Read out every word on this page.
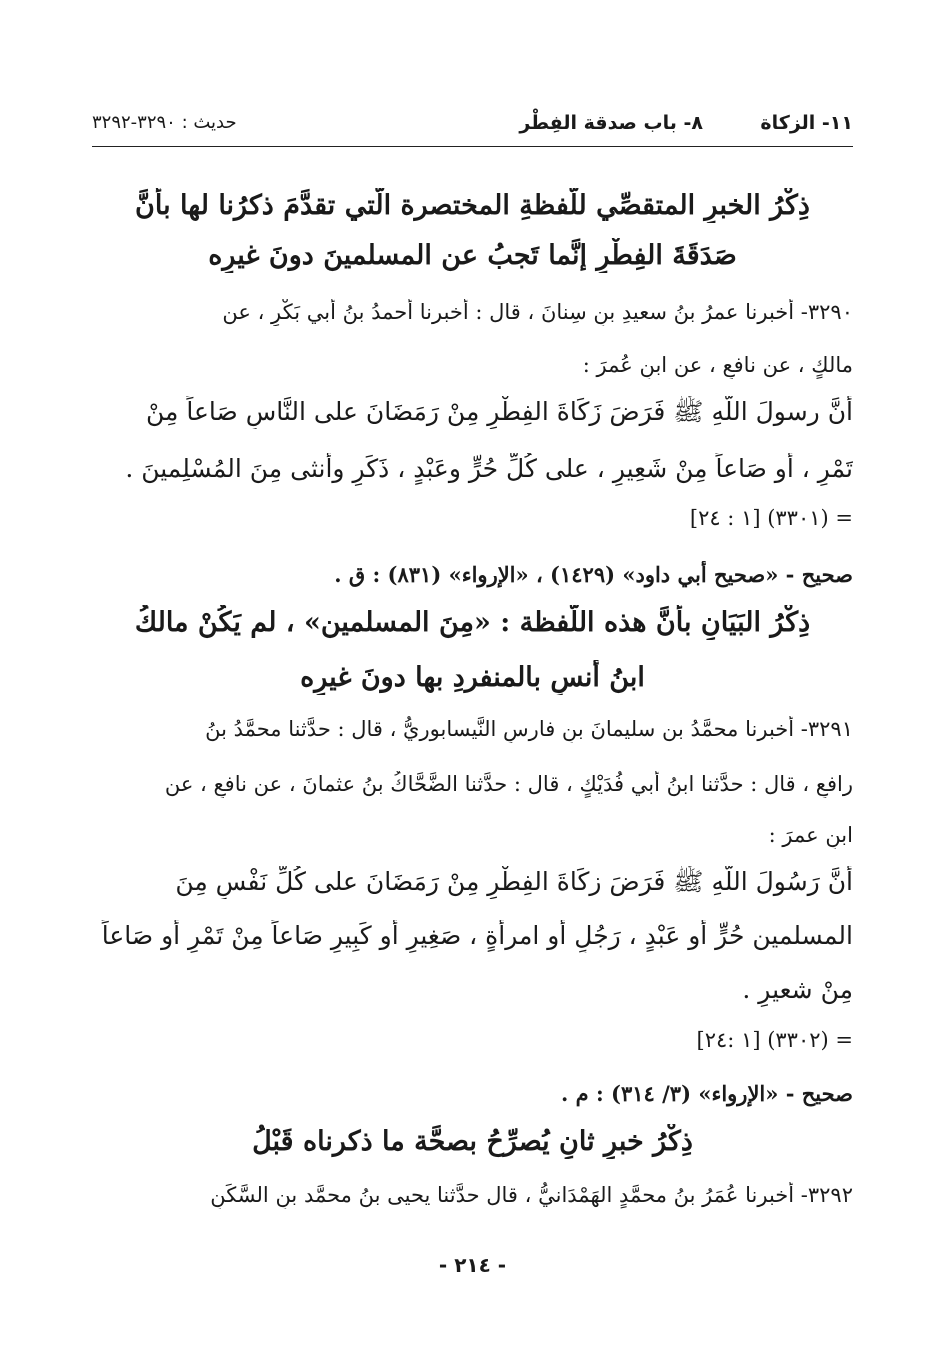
١١- الزكاة
٨- باب صدقة الفِطْر
حديث : ٣٢٩٠-٣٢٩٢
ذِكْرُ الخبرِ المتقصِّي للَّفظةِ المختصرة الَّتي تقدَّمَ ذكرُنا لها بأنَّ
صَدَقَةَ الفِطْرِ إنَّما تَجبُ عن المسلمينَ دونَ غيرِه
٣٢٩٠- أخبرنا عمرُ بنُ سعيدِ بنِ سِنانَ ، قال : أخبرنا أحمدُ بنُ أبي بَكْرٍ ، عن
مالكٍ ، عن نافعٍ ، عن ابنِ عُمرَ :
أنَّ رسولَ اللَّهِ ﷺ فَرَضَ زَكَاةَ الفِطْرِ مِنْ رَمَضَانَ على النَّاسِ صَاعاً مِنْ
تَمْرٍ ، أو صَاعاً مِنْ شَعِيرٍ ، على كُلِّ حُرٍّ وعَبْدٍ ، ذَكَرٍ وأُنثى مِنَ المُسْلِمينَ .
= (٣٣٠١) [١ : ٢٤]
صحيح - «صحيح أبي داود» (١٤٢٩) ، «الإرواء» (٨٣١) : ق .
ذِكْرُ البَيَانِ بأنَّ هذه اللَّفظة : «مِنَ المسلمين» ، لم يَكُنْ مالكُ
ابنُ أنسٍ بالمنفردِ بها دونَ غيرِه
٣٢٩١- أخبرنا محمَّدُ بن سليمانَ بنِ فارسٍ النَّيسابوريُّ ، قال : حدَّثنا محمَّدُ بنُ
رافعٍ ، قال : حدَّثنا ابنُ أبي فُدَيْكٍ ، قال : حدَّثنا الضَّحَّاكُ بنُ عثمانَ ، عن نافعٍ ، عن
ابنِ عمرَ :
أنَّ رَسُولَ اللَّهِ ﷺ فَرَضَ زكَاةَ الفِطْرِ مِنْ رَمَضَانَ على كُلِّ نَفْسٍ مِنَ
المسلمين حُرٍّ أو عَبْدٍ ، رَجُلٍ أو امرأةٍ ، صَغِيرٍ أو كَبِيرٍ صَاعاً مِنْ تَمْرٍ أو صَاعاً
مِنْ شعيرٍ .
= (٣٣٠٢) [١ :٢٤]
صحيح - «الإرواء» (٣/ ٣١٤) : م .
ذِكْرُ خبرٍ ثانٍ يُصرِّحُ بصحَّة ما ذكرناه قَبْلُ
٣٢٩٢- أخبرنا عُمَرُ بنُ محمَّدٍ الهَمْدَانيُّ ، قال حدَّثنا يحيى بنُ محمَّد بنِ السَّكَنِ
- ٢١٤ -
